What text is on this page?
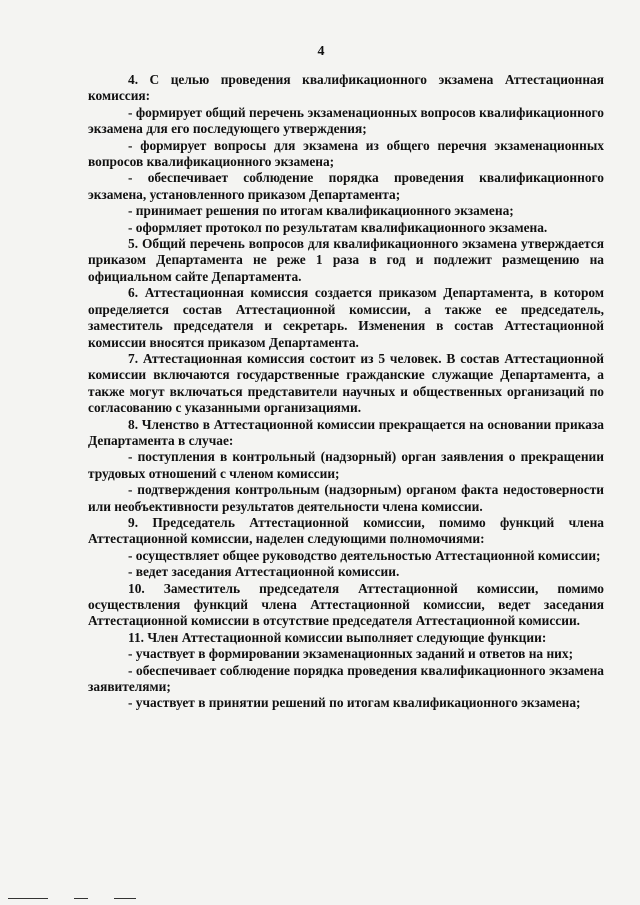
4

4. С целью проведения квалификационного экзамена Аттестационная комиссия:

- формирует общий перечень экзаменационных вопросов квалификационного экзамена для его последующего утверждения;

- формирует вопросы для экзамена из общего перечня экзаменационных вопросов квалификационного экзамена;

- обеспечивает соблюдение порядка проведения квалификационного экзамена, установленного приказом Департамента;

- принимает решения по итогам квалификационного экзамена;

- оформляет протокол по результатам квалификационного экзамена.

5. Общий перечень вопросов для квалификационного экзамена утверждается приказом Департамента не реже 1 раза в год и подлежит размещению на официальном сайте Департамента.

6. Аттестационная комиссия создается приказом Департамента, в котором определяется состав Аттестационной комиссии, а также ее председатель, заместитель председателя и секретарь. Изменения в состав Аттестационной комиссии вносятся приказом Департамента.

7. Аттестационная комиссия состоит из 5 человек. В состав Аттестационной комиссии включаются государственные гражданские служащие Департамента, а также могут включаться представители научных и общественных организаций по согласованию с указанными организациями.

8. Членство в Аттестационной комиссии прекращается на основании приказа Департамента в случае:

- поступления в контрольный (надзорный) орган заявления о прекращении трудовых отношений с членом комиссии;

- подтверждения контрольным (надзорным) органом факта недостоверности или необъективности результатов деятельности члена комиссии.

9. Председатель Аттестационной комиссии, помимо функций члена Аттестационной комиссии, наделен следующими полномочиями:

- осуществляет общее руководство деятельностью Аттестационной комиссии;

- ведет заседания Аттестационной комиссии.

10. Заместитель председателя Аттестационной комиссии, помимо осуществления функций члена Аттестационной комиссии, ведет заседания Аттестационной комиссии в отсутствие председателя Аттестационной комиссии.

11. Член Аттестационной комиссии выполняет следующие функции:

- участвует в формировании экзаменационных заданий и ответов на них;

- обеспечивает соблюдение порядка проведения квалификационного экзамена заявителями;

- участвует в принятии решений по итогам квалификационного экзамена;
